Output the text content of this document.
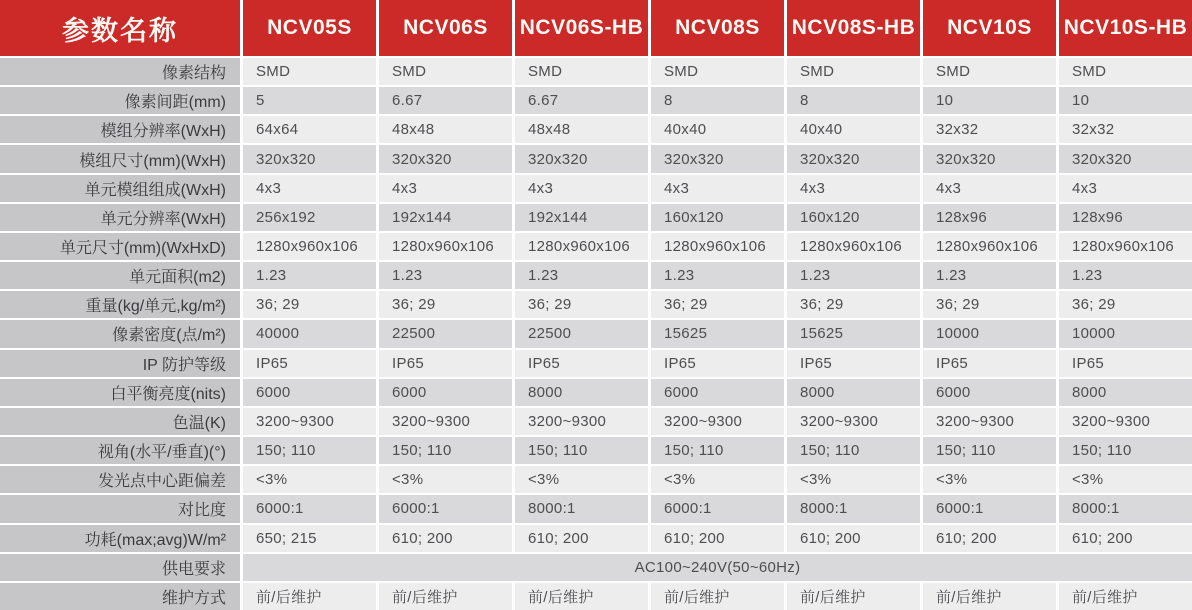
参数名称	NCV05S	NCV06S	NCV06S-HB	NCV08S	NCV08S-HB	NCV10S	NCV10S-HB
像素结构	SMD	SMD	SMD	SMD	SMD	SMD	SMD
像素间距(mm)	5	6.67	6.67	8	8	10	10
模组分辨率(WxH)	64x64	48x48	48x48	40x40	40x40	32x32	32x32
模组尺寸(mm)(WxH)	320x320	320x320	320x320	320x320	320x320	320x320	320x320
单元模组组成(WxH)	4x3	4x3	4x3	4x3	4x3	4x3	4x3
单元分辨率(WxH)	256x192	192x144	192x144	160x120	160x120	128x96	128x96
单元尺寸(mm)(WxHxD)	1280x960x106	1280x960x106	1280x960x106	1280x960x106	1280x960x106	1280x960x106	1280x960x106
单元面积(m2)	1.23	1.23	1.23	1.23	1.23	1.23	1.23
重量(kg/单元,kg/m²)	36; 29	36; 29	36; 29	36; 29	36; 29	36; 29	36; 29
像素密度(点/m²)	40000	22500	22500	15625	15625	10000	10000
IP 防护等级	IP65	IP65	IP65	IP65	IP65	IP65	IP65
白平衡亮度(nits)	6000	6000	8000	6000	8000	6000	8000
色温(K)	3200~9300	3200~9300	3200~9300	3200~9300	3200~9300	3200~9300	3200~9300
视角(水平/垂直)(°)	150; 110	150; 110	150; 110	150; 110	150; 110	150; 110	150; 110
发光点中心距偏差	<3%	<3%	<3%	<3%	<3%	<3%	<3%
对比度	6000:1	6000:1	8000:1	6000:1	8000:1	6000:1	8000:1
功耗(max;avg)W/m²	650; 215	610; 200	610; 200	610; 200	610; 200	610; 200	610; 200
供电要求	AC100~240V(50~60Hz)
维护方式	前/后维护	前/后维护	前/后维护	前/后维护	前/后维护	前/后维护	前/后维护
